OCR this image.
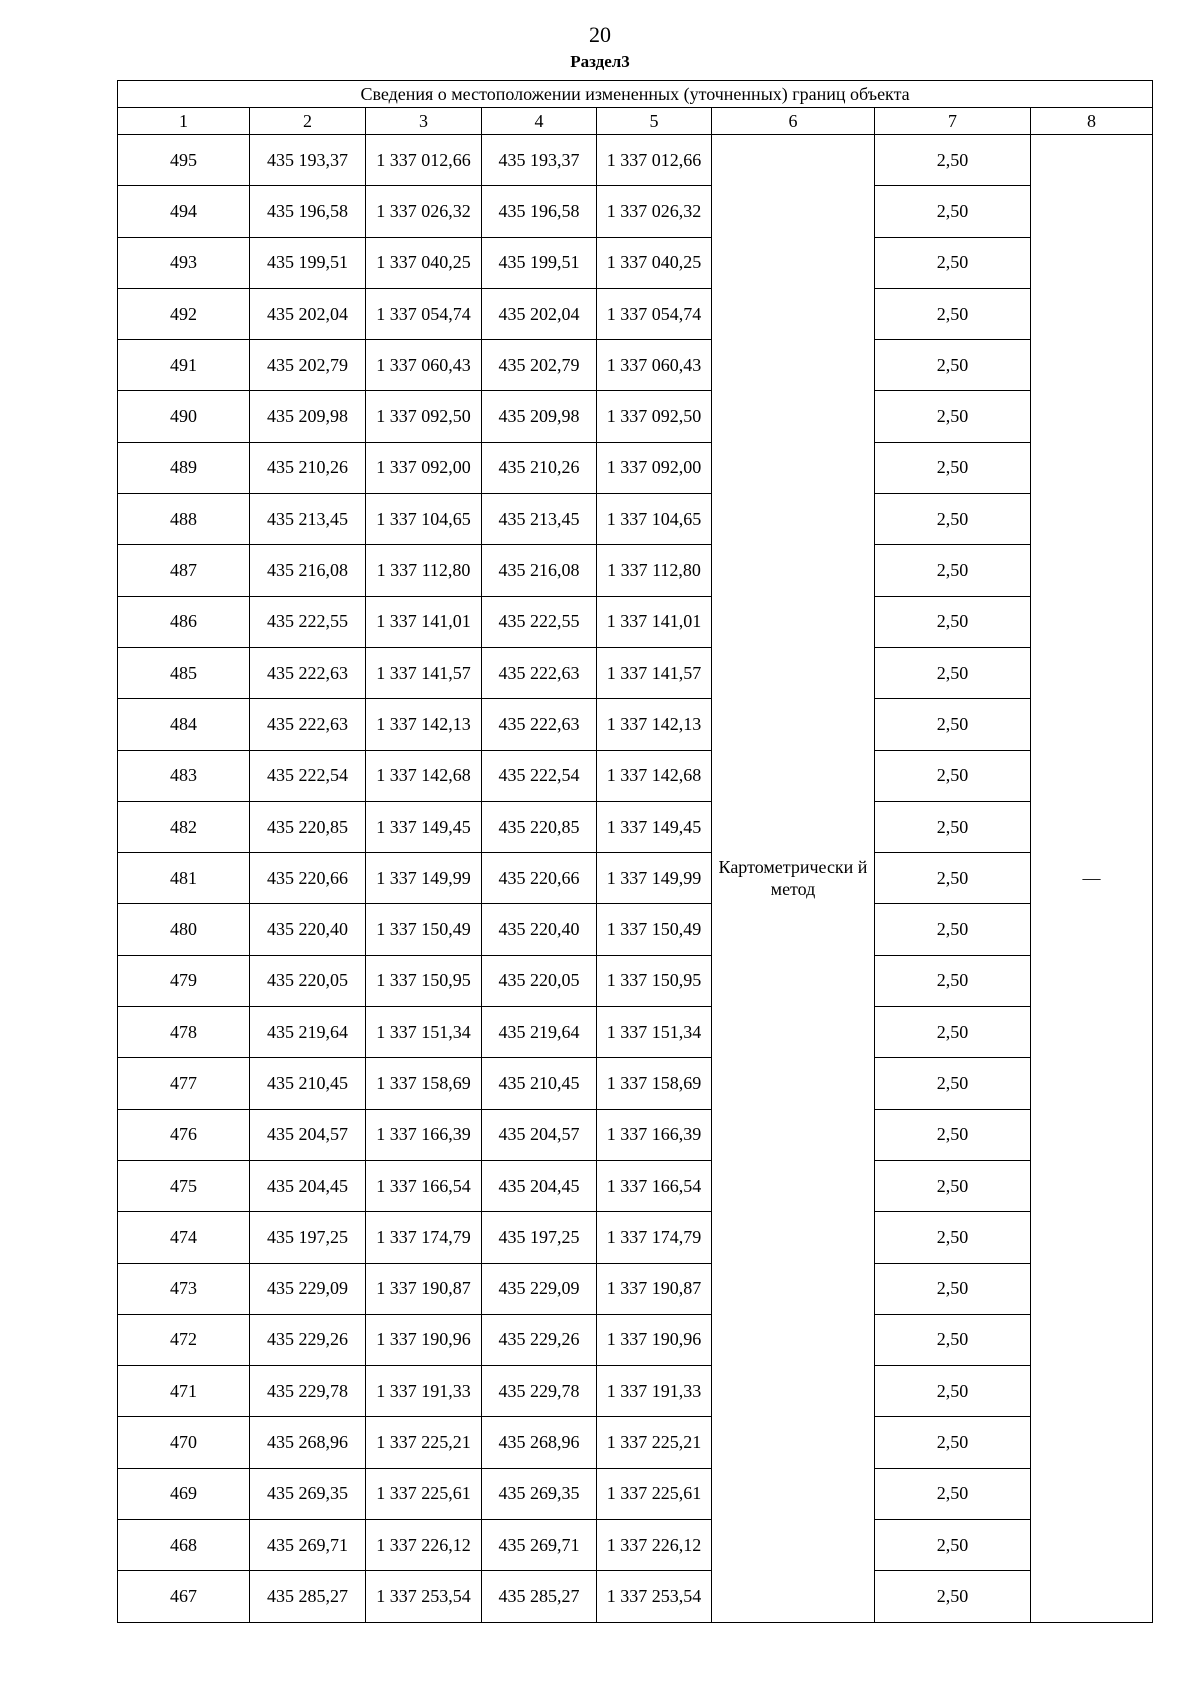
20
Раздел3
Сведения о местоположении измененных (уточненных) границ объекта							
1	2	3	4	5	6	7	8
495	435 193,37	1 337 012,66	435 193,37	1 337 012,66	Картометрически й метод	2,50	—
494	435 196,58	1 337 026,32	435 196,58	1 337 026,32		2,50	
493	435 199,51	1 337 040,25	435 199,51	1 337 040,25		2,50	
492	435 202,04	1 337 054,74	435 202,04	1 337 054,74		2,50	
491	435 202,79	1 337 060,43	435 202,79	1 337 060,43		2,50	
490	435 209,98	1 337 092,50	435 209,98	1 337 092,50		2,50	
489	435 210,26	1 337 092,00	435 210,26	1 337 092,00		2,50	
488	435 213,45	1 337 104,65	435 213,45	1 337 104,65		2,50	
487	435 216,08	1 337 112,80	435 216,08	1 337 112,80		2,50	
486	435 222,55	1 337 141,01	435 222,55	1 337 141,01		2,50	
485	435 222,63	1 337 141,57	435 222,63	1 337 141,57		2,50	
484	435 222,63	1 337 142,13	435 222,63	1 337 142,13		2,50	
483	435 222,54	1 337 142,68	435 222,54	1 337 142,68		2,50	
482	435 220,85	1 337 149,45	435 220,85	1 337 149,45		2,50	
481	435 220,66	1 337 149,99	435 220,66	1 337 149,99		2,50	
480	435 220,40	1 337 150,49	435 220,40	1 337 150,49		2,50	
479	435 220,05	1 337 150,95	435 220,05	1 337 150,95		2,50	
478	435 219,64	1 337 151,34	435 219,64	1 337 151,34		2,50	
477	435 210,45	1 337 158,69	435 210,45	1 337 158,69		2,50	
476	435 204,57	1 337 166,39	435 204,57	1 337 166,39		2,50	
475	435 204,45	1 337 166,54	435 204,45	1 337 166,54		2,50	
474	435 197,25	1 337 174,79	435 197,25	1 337 174,79		2,50	
473	435 229,09	1 337 190,87	435 229,09	1 337 190,87		2,50	
472	435 229,26	1 337 190,96	435 229,26	1 337 190,96		2,50	
471	435 229,78	1 337 191,33	435 229,78	1 337 191,33		2,50	
470	435 268,96	1 337 225,21	435 268,96	1 337 225,21		2,50	
469	435 269,35	1 337 225,61	435 269,35	1 337 225,61		2,50	
468	435 269,71	1 337 226,12	435 269,71	1 337 226,12		2,50	
467	435 285,27	1 337 253,54	435 285,27	1 337 253,54		2,50	
